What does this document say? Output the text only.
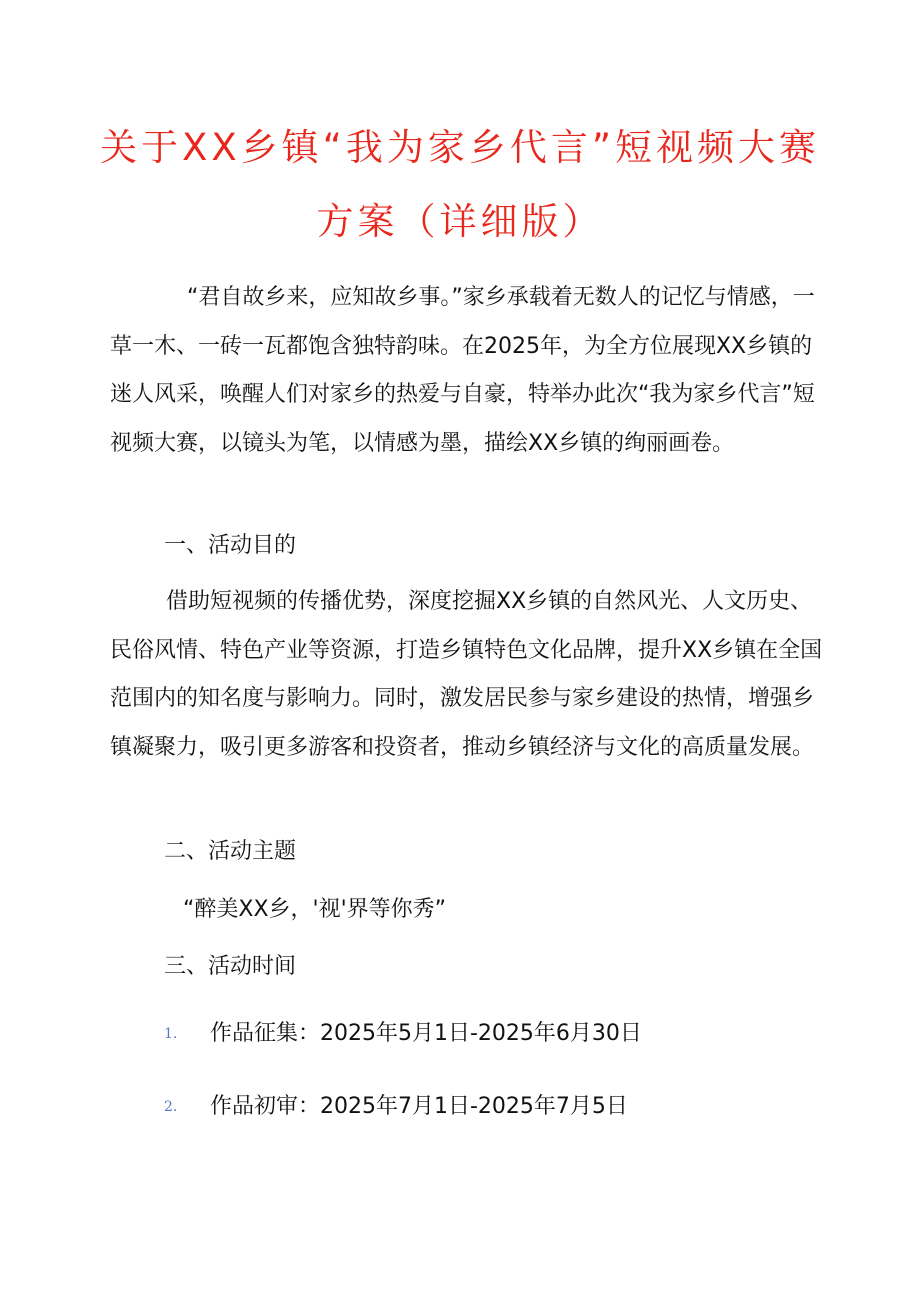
关于XX乡镇“我为家乡代言”短视频大赛
方案（详细版）

“君自故乡来，应知故乡事。”家乡承载着无数人的记忆与情感，一草一木、一砖一瓦都饱含独特韵味。在2025年，为全方位展现XX乡镇的迷人风采，唤醒人们对家乡的热爱与自豪，特举办此次“我为家乡代言”短视频大赛，以镜头为笔，以情感为墨，描绘XX乡镇的绚丽画卷。

一、活动目的

借助短视频的传播优势，深度挖掘XX乡镇的自然风光、人文历史、民俗风情、特色产业等资源，打造乡镇特色文化品牌，提升XX乡镇在全国范围内的知名度与影响力。同时，激发居民参与家乡建设的热情，增强乡镇凝聚力，吸引更多游客和投资者，推动乡镇经济与文化的高质量发展。

二、活动主题
“醉美XX乡，'视'界等你秀”
三、活动时间
1. 作品征集：2025年5月1日-2025年6月30日
2. 作品初审：2025年7月1日-2025年7月5日
